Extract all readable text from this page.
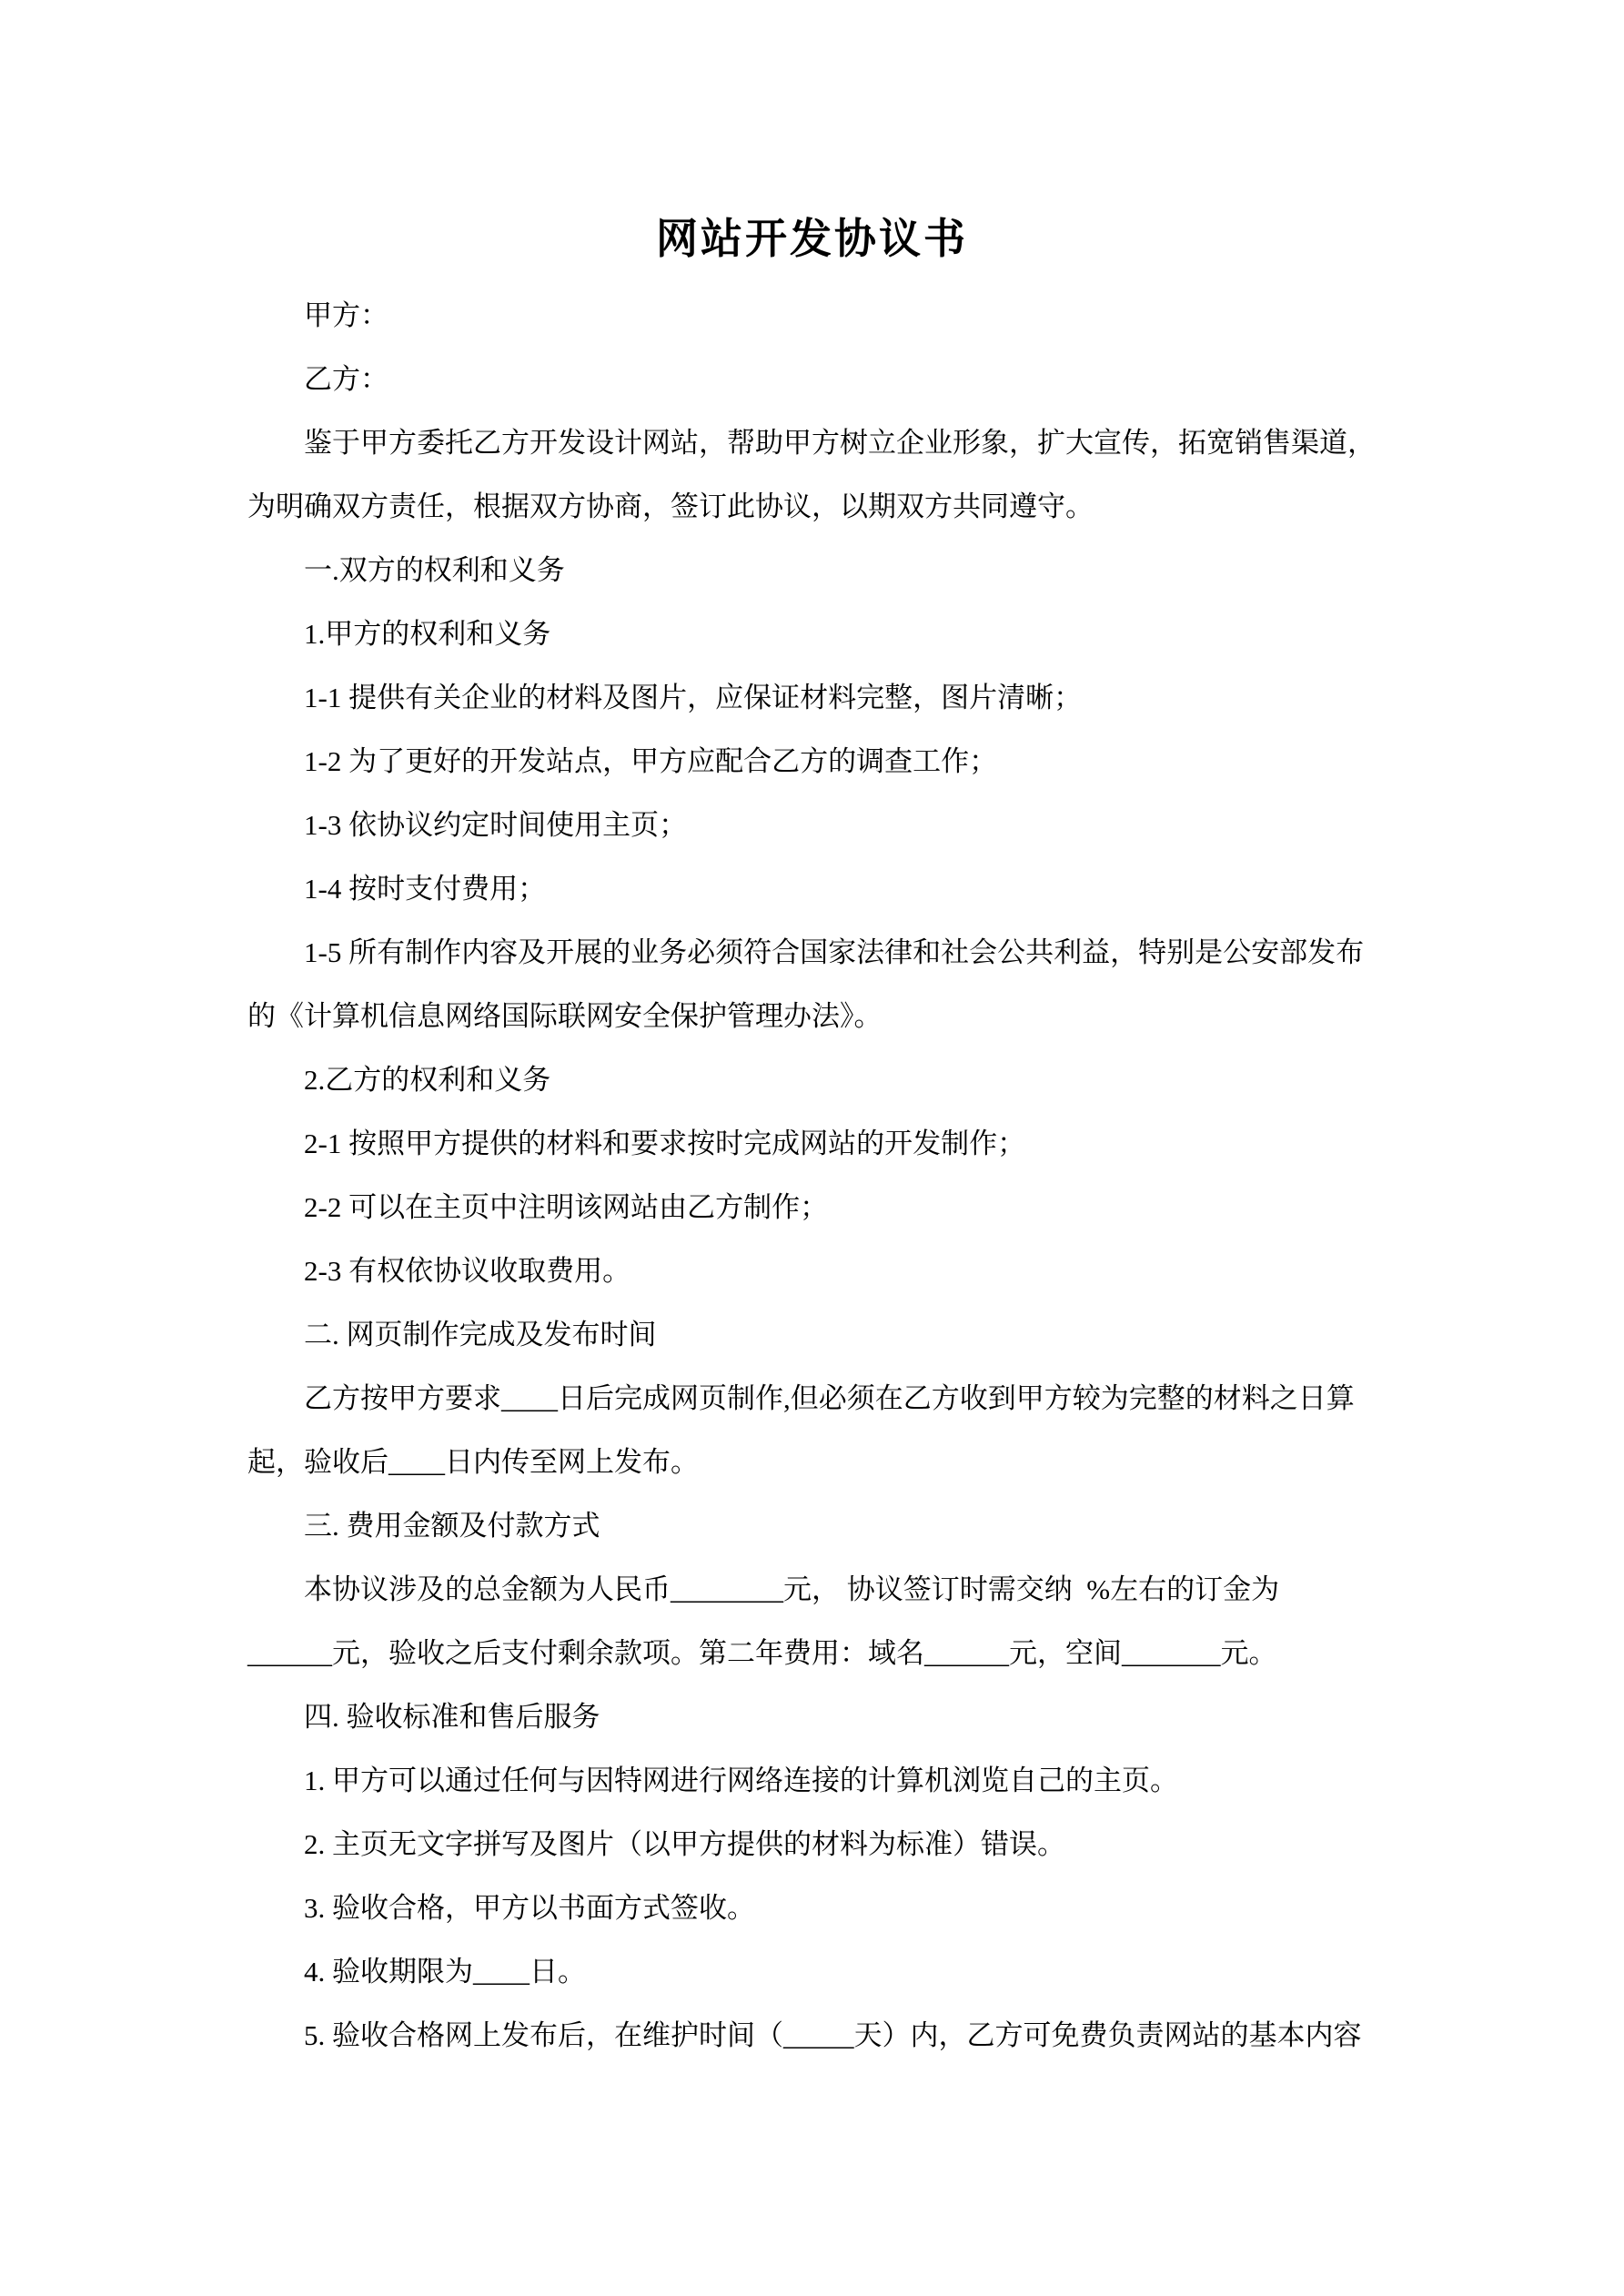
网站开发协议书
甲方：
乙方：
鉴于甲方委托乙方开发设计网站，帮助甲方树立企业形象，扩大宣传，拓宽销售渠道，
为明确双方责任，根据双方协商，签订此协议，以期双方共同遵守。
一.双方的权利和义务
1.甲方的权利和义务
1-1 提供有关企业的材料及图片，应保证材料完整，图片清晰；
1-2 为了更好的开发站点，甲方应配合乙方的调查工作；
1-3 依协议约定时间使用主页；
1-4 按时支付费用；
1-5 所有制作内容及开展的业务必须符合国家法律和社会公共利益，特别是公安部发布
的《计算机信息网络国际联网安全保护管理办法》。
2.乙方的权利和义务
2-1 按照甲方提供的材料和要求按时完成网站的开发制作；
2-2 可以在主页中注明该网站由乙方制作；
2-3 有权依协议收取费用。
二. 网页制作完成及发布时间
乙方按甲方要求____日后完成网页制作,但必须在乙方收到甲方较为完整的材料之日算
起，验收后____日内传至网上发布。
三. 费用金额及付款方式
本协议涉及的总金额为人民币________元， 协议签订时需交纳  %左右的订金为
______元，验收之后支付剩余款项。第二年费用：域名______元，空间_______元。
四. 验收标准和售后服务
1. 甲方可以通过任何与因特网进行网络连接的计算机浏览自己的主页。
2. 主页无文字拼写及图片（以甲方提供的材料为标准）错误。
3. 验收合格，甲方以书面方式签收。
4. 验收期限为____日。
5. 验收合格网上发布后，在维护时间（_____天）内，乙方可免费负责网站的基本内容
